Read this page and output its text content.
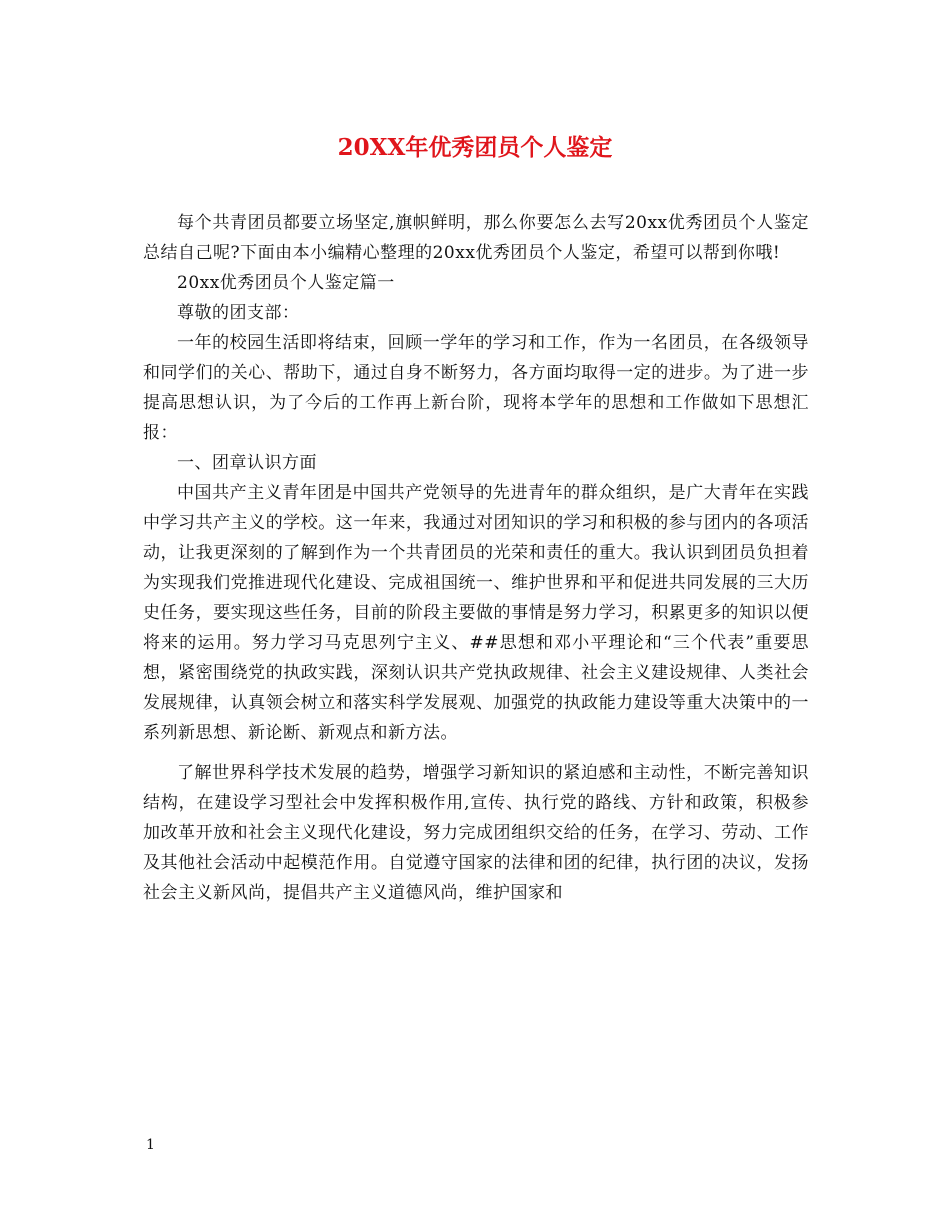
20XX年优秀团员个人鉴定

每个共青团员都要立场坚定,旗帜鲜明，那么你要怎么去写20xx优秀团员个人鉴定总结自己呢?下面由本小编精心整理的20xx优秀团员个人鉴定，希望可以帮到你哦!

20xx优秀团员个人鉴定篇一

尊敬的团支部：

一年的校园生活即将结束，回顾一学年的学习和工作，作为一名团员，在各级领导和同学们的关心、帮助下，通过自身不断努力，各方面均取得一定的进步。为了进一步提高思想认识，为了今后的工作再上新台阶，现将本学年的思想和工作做如下思想汇报：

一、团章认识方面

中国共产主义青年团是中国共产党领导的先进青年的群众组织，是广大青年在实践中学习共产主义的学校。这一年来，我通过对团知识的学习和积极的参与团内的各项活动，让我更深刻的了解到作为一个共青团员的光荣和责任的重大。我认识到团员负担着为实现我们党推进现代化建设、完成祖国统一、维护世界和平和促进共同发展的三大历史任务，要实现这些任务，目前的阶段主要做的事情是努力学习，积累更多的知识以便将来的运用。努力学习马克思列宁主义、##思想和邓小平理论和“三个代表”重要思想，紧密围绕党的执政实践，深刻认识共产党执政规律、社会主义建设规律、人类社会发展规律，认真领会树立和落实科学发展观、加强党的执政能力建设等重大决策中的一系列新思想、新论断、新观点和新方法。

了解世界科学技术发展的趋势，增强学习新知识的紧迫感和主动性，不断完善知识结构，在建设学习型社会中发挥积极作用,宣传、执行党的路线、方针和政策，积极参加改革开放和社会主义现代化建设，努力完成团组织交给的任务，在学习、劳动、工作及其他社会活动中起模范作用。自觉遵守国家的法律和团的纪律，执行团的决议，发扬社会主义新风尚，提倡共产主义道德风尚，维护国家和

1
